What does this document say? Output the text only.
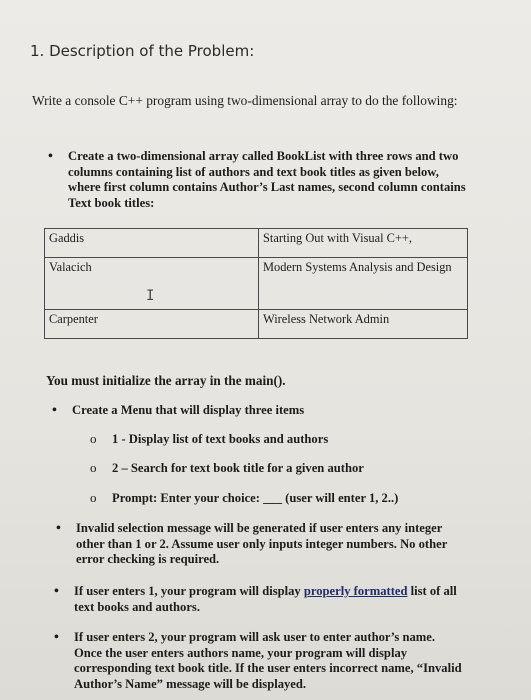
1. Description of the Problem:
Write a console C++ program using two-dimensional array to do the following:
• Create a two-dimensional array called BookList with three rows and two columns containing list of authors and text book titles as given below, where first column contains Author’s Last names, second column contains Text book titles:
Gaddis	Starting Out with Visual C++,
Valacich	Modern Systems Analysis and Design
Carpenter	Wireless Network Admin
I
You must initialize the array in the main().
• Create a Menu that will display three items
o 1 - Display list of text books and authors
o 2 – Search for text book title for a given author
o Prompt: Enter your choice: ___ (user will enter 1, 2..)
• Invalid selection message will be generated if user enters any integer other than 1 or 2. Assume user only inputs integer numbers. No other error checking is required.
• If user enters 1, your program will display properly formatted list of all text books and authors.
• If user enters 2, your program will ask user to enter author’s name. Once the user enters authors name, your program will display corresponding text book title. If the user enters incorrect name, “Invalid Author’s Name” message will be displayed.
